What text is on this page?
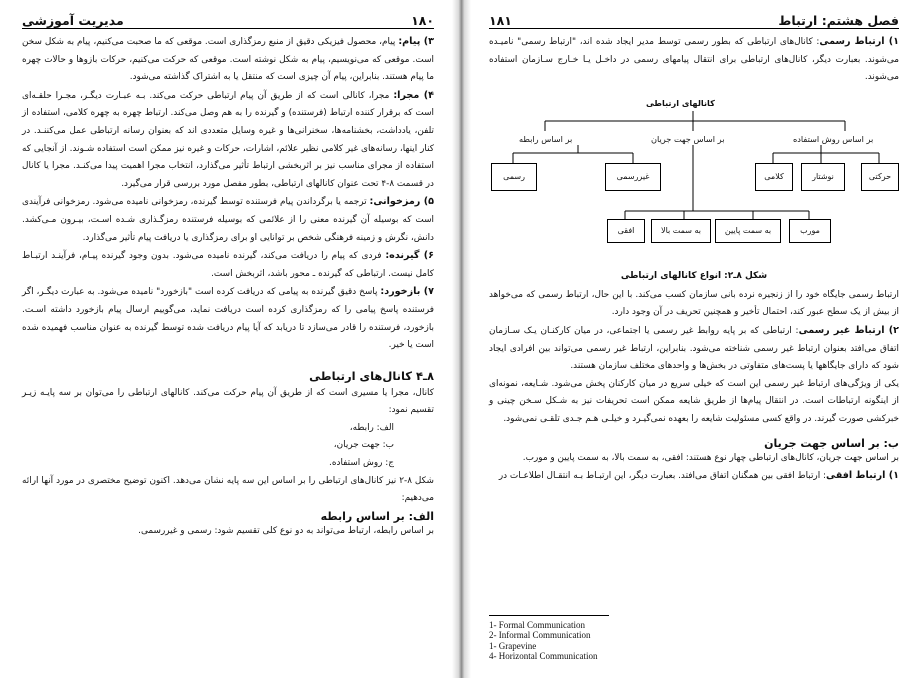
۱۸۰
مدیریت آموزشی

۳) پیام: پیام، محصول فیزیکی دقیق از منبع رمزگذاری است. موقعی که ما صحبت می‌کنیم، پیام به شکل سخن است. موقعی که می‌نویسیم، پیام به شکل نوشته است. موقعی که حرکت می‌کنیم، حرکات بازوها و حالات چهره ما پیام هستند. بنابراین، پیام آن چیزی است که منتقل یا به اشتراک گذاشته می‌شود.

۴) مجرا: مجرا، کانالی است که از طریق آن پیام ارتباطی حرکت می‌کند. بـه عبـارت دیگـر، مجـرا حلقـه‌ای است که برقرار کننده ارتباط (فرستنده) و گیرنده را به هم وصل می‌کند. ارتباط چهره به چهره کلامی، استفاده از تلفن، یادداشت، بخشنامه‌ها، سخنرانی‌ها و غیره وسایل متعددی اند که بعنوان رسانه ارتباطی عمل می‌کننـد. در کنار اینها، رسانه‌های غیر کلامی نظیر علائم، اشارات، حرکات و غیره نیز ممکن است استفاده شـوند. از آنجایی که استفاده از مجرای مناسب نیز بر اثربخشی ارتباط تأثیر می‌گذارد، انتخاب مجرا اهمیت پیدا می‌کنـد. مجرا یا کانال در قسمت ۸-۴ تحت عنوان کانالهای ارتباطی، بطور مفصل مورد بررسی قرار می‌گیرد.

۵) رمزخوانی: ترجمه یا برگرداندن پیام فرستنده توسط گیرنده، رمزخوانی نامیده می‌شود. رمزخوانی فرآیندی است که بوسیله آن گیرنده معنی را از علائمی که بوسیله فرستنده رمزگـذاری شـده اسـت، بیـرون مـی‌کشد. دانش، نگرش و زمینه فرهنگی شخص بر توانایی او برای رمزگذاری یا دریافت پیام تأثیر می‌گذارد.

۶) گیرنده: فردی که پیام را دریافت می‌کند، گیرنده نامیده می‌شود. بدون وجود گیرنده پیـام، فرآینـد ارتبـاط کامل نیست. ارتباطی که گیرنده ـ محور باشد، اثربخش است.

۷) بازخورد: پاسخ دقیق گیرنده به پیامی که دریافت کرده است "بازخورد" نامیده می‌شود. به عبارت دیگـر، اگر فرستنده پاسخ پیامی را که رمزگذاری کرده است دریافت نماید، می‌گوییم ارسال پیام بازخورد داشته اسـت. بازخورد، فرستنده را قادر می‌سازد تا دریابد که آیا پیام دریافت شده توسط گیرنده به عنوان مناسب فهمیده شده است یا خیر.

۸ـ۴ کانال‌های ارتباطی

کانال، مجرا یا مسیری است که از طریق آن پیام حرکت می‌کند. کانالهای ارتباطی را می‌توان بر سه پایـه زیـر تقسیم نمود:

الف: رابطه،
ب: جهت جریان،
ج: روش استفاده.

شکل ۸-۲ نیز کانال‌های ارتباطی را بر اساس این سه پایه نشان می‌دهد. اکنون توضیح مختصری در مورد آنها ارائه می‌دهیم:

الف: بر اساس رابطه

بر اساس رابطه، ارتباط می‌تواند به دو نوع کلی تقسیم شود: رسمی و غیررسمی.

فصل هشتم: ارتباط
۱۸۱

۱) ارتباط رسمی: کانال‌های ارتباطی که بطور رسمی توسط مدیر ایجاد شده اند، "ارتباط رسمی" نامیـده می‌شوند. بعبارت دیگر، کانال‌های ارتباطی برای انتقال پیامهای رسمی در داخـل یـا خـارج سـازمان استفاده می‌شوند.

کانالهای ارتباطی
بر اساس روش استفاده
بر اساس جهت جریان
بر اساس رابطه
حرکتی
نوشتار
کلامی
غیررسمی
رسمی
مورب
به سمت پایین
به سمت بالا
افقی
شکل ۸ـ۲: انواع کانالهای ارتباطی

ارتباط رسمی جایگاه خود را از زنجیره نرده بانی سازمان کسب می‌کند. با این حال، ارتباط رسمی که می‌خواهد از بیش از یک سطح عبور کند، احتمال تأخیر و همچنین تحریف در آن وجود دارد.

۲) ارتباط غیر رسمی: ارتباطی که بر پایه روابط غیر رسمی یا اجتماعی، در میان کارکنـان یـک سـازمان اتفاق می‌افتد بعنوان ارتباط غیر رسمی شناخته می‌شود. بنابراین، ارتباط غیر رسمی می‌تواند بین افرادی ایجاد شود که دارای جایگاهها یا پست‌های متفاوتی در بخش‌ها و واحدهای مختلف سازمان هستند.

یکی از ویژگی‌های ارتباط غیر رسمی این است که خیلی سریع در میان کارکنان پخش می‌شود. شـایعه، نمونه‌ای از اینگونه ارتباطات است. در انتقال پیام‌ها از طریق شایعه ممکن است تحریفات نیز به شـکل سـخن چینی و خبرکشی صورت گیرند. در واقع کسی مسئولیت شایعه را بعهده نمی‌گیـرد و خیلـی هـم جـدی تلقـی نمی‌شود.

ب: بر اساس جهت جریان

بر اساس جهت جریان، کانال‌های ارتباطی چهار نوع هستند: افقی، به سمت بالا، به سمت پایین و مورب.

۱) ارتباط افقی: ارتباط افقی بین همگنان اتفاق می‌افتد. بعبارت دیگر، این ارتبـاط بـه انتقـال اطلاعـات در

1- Formal Communication
2- Informal Communication
1- Grapevine
4- Horizontal Communication
